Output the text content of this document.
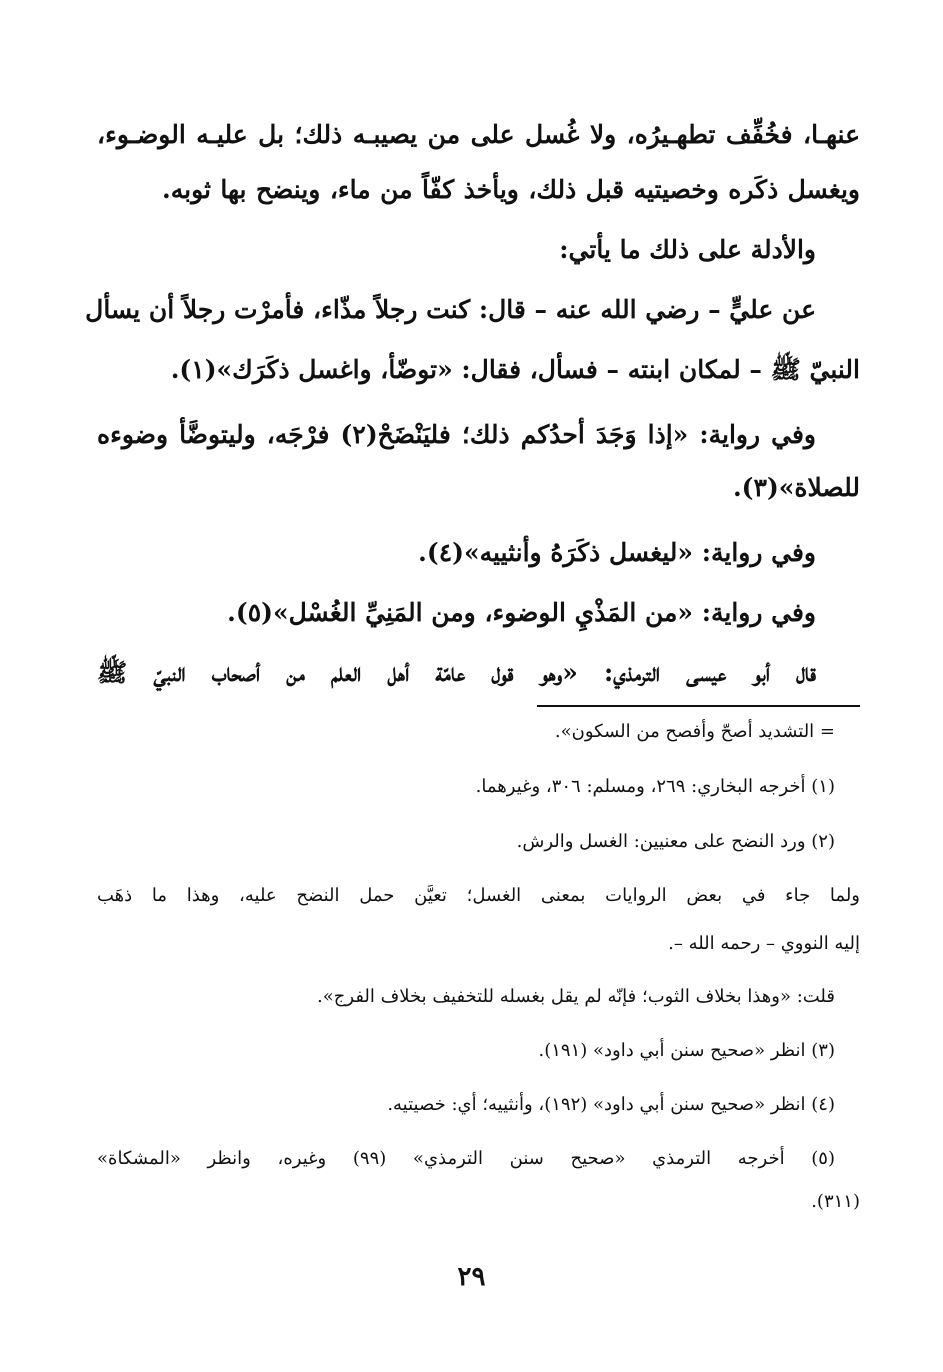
عنهـا، فخُفِّف تطهـيرُه، ولا غُسل على من يصيبـه ذلك؛ بل عليـه الوضـوء،
ويغسل ذكَره وخصيتيه قبل ذلك، ويأخذ كفّاً من ماء، وينضح بها ثوبه.
والأدلة على ذلك ما يأتي:
عن عليٍّ – رضي الله عنه – قال: كنت رجلاً مذّاء، فأمرْت رجلاً أن يسأل
النبيّ ﷺ – لمكان ابنته – فسأل، فقال: «توضّأ، واغسل ذكَرَك»(١).
وفي رواية: «إذا وَجَدَ أحدُكم ذلك؛ فليَنْضَحْ(٢) فرْجَه، وليتوضَّأ وضوءه
للصلاة»(٣).
وفي رواية: «ليغسل ذكَرَهُ وأنثييه»(٤).
وفي رواية: «من المَذْيِ الوضوء، ومن المَنِيِّ الغُسْل»(٥).
قال أبو عيسى الترمذي: «وهو قول عامّة أهل العلم من أصحاب النبيّ ﷺ
= التشديد أصحّ وأفصح من السكون».
(١) أخرجه البخاري: ٢٦٩، ومسلم: ٣٠٦، وغيرهما.
(٢) ورد النضح على معنيين: الغسل والرش.
ولما جاء في بعض الروايات بمعنى الغسل؛ تعيَّن حمل النضح عليه، وهذا ما ذهَب
إليه النووي – رحمه الله –.
قلت: «وهذا بخلاف الثوب؛ فإنّه لم يقل بغسله للتخفيف بخلاف الفرج».
(٣) انظر «صحيح سنن أبي داود» (١٩١).
(٤) انظر «صحيح سنن أبي داود» (١٩٢)، وأنثييه؛ أي: خصيتيه.
(٥) أخرجه الترمذي «صحيح سنن الترمذي» (٩٩) وغيره، وانظر «المشكاة»
(٣١١).
٢٩
